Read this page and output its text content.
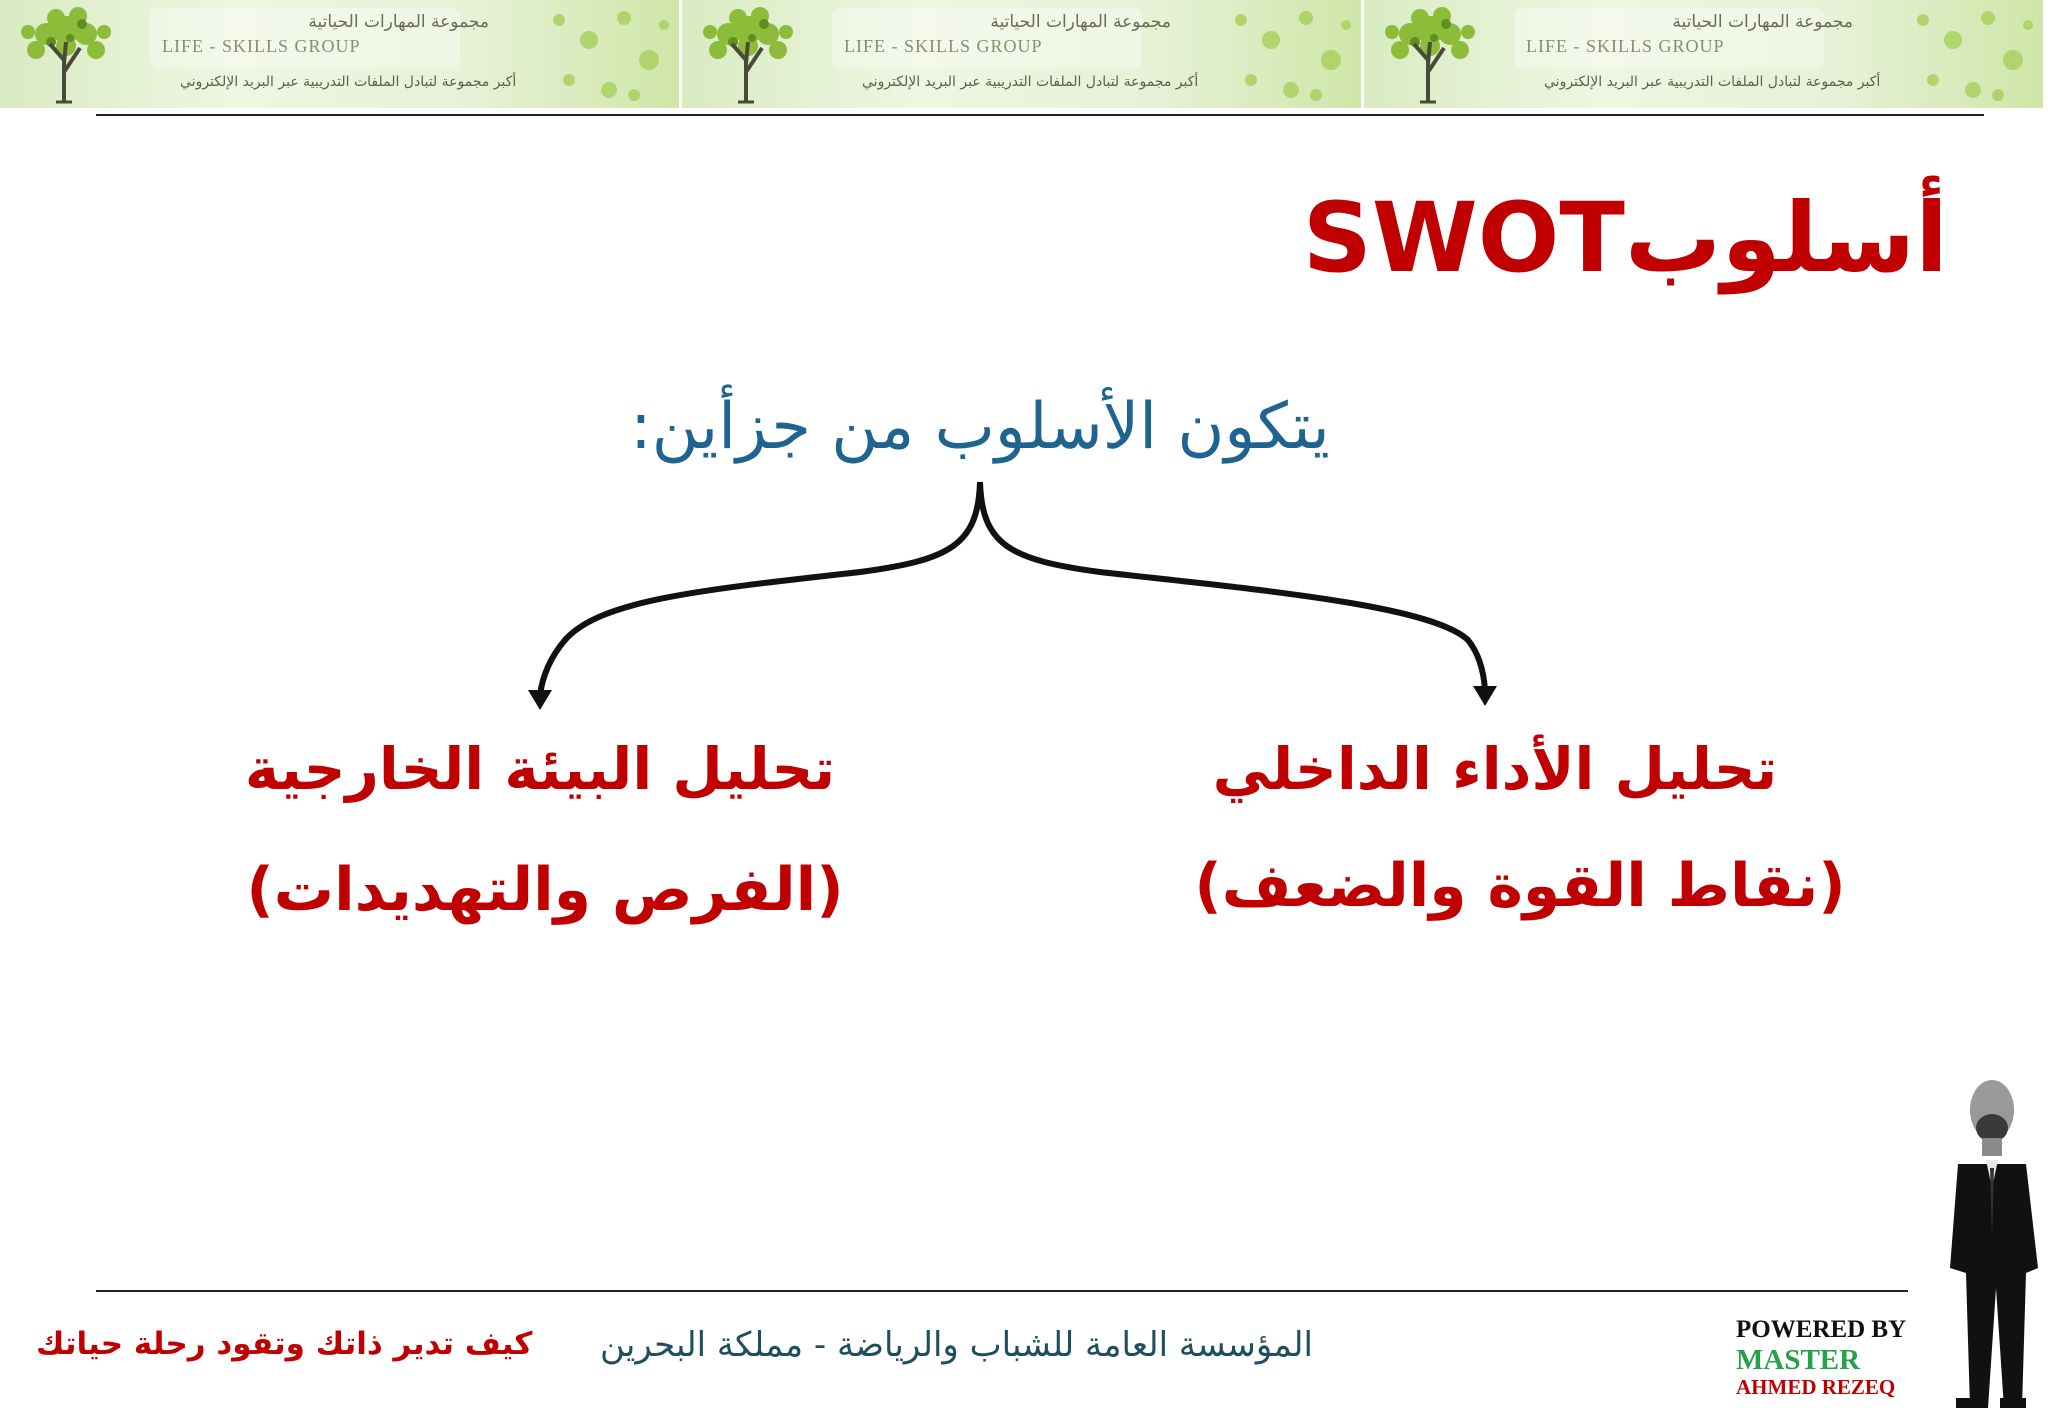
مجموعة المهارات الحياتية
LIFE - SKILLS GROUP
أكبر مجموعة لتبادل الملفات التدريبية عبر البريد الإلكتروني
مجموعة المهارات الحياتية
LIFE - SKILLS GROUP
أكبر مجموعة لتبادل الملفات التدريبية عبر البريد الإلكتروني
مجموعة المهارات الحياتية
LIFE - SKILLS GROUP
أكبر مجموعة لتبادل الملفات التدريبية عبر البريد الإلكتروني
أسلوبSWOT
يتكون الأسلوب من جزأين:
تحليل الأداء الداخلي
(نقاط القوة والضعف)
تحليل البيئة الخارجية
(الفرص والتهديدات)
كيف تدير ذاتك وتقود رحلة حياتك المؤسسة العامة للشباب والرياضة - مملكة البحرين	POWERED BY
MASTER
AHMED REZEQ
